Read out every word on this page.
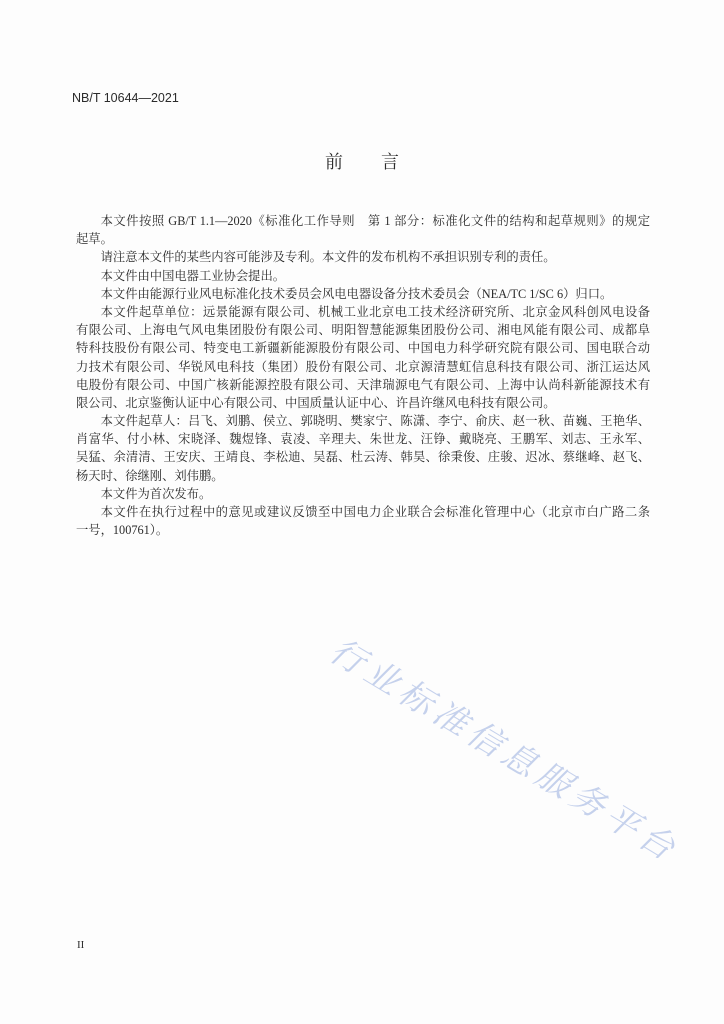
NB/T 10644—2021
前　言
本文件按照 GB/T 1.1—2020《标准化工作导则　第 1 部分：标准化文件的结构和起草规则》的规定
起草。
请注意本文件的某些内容可能涉及专利。本文件的发布机构不承担识别专利的责任。
本文件由中国电器工业协会提出。
本文件由能源行业风电标准化技术委员会风电电器设备分技术委员会（NEA/TC 1/SC 6）归口。
本文件起草单位：远景能源有限公司、机械工业北京电工技术经济研究所、北京金风科创风电设备
有限公司、上海电气风电集团股份有限公司、明阳智慧能源集团股份公司、湘电风能有限公司、成都阜
特科技股份有限公司、特变电工新疆新能源股份有限公司、中国电力科学研究院有限公司、国电联合动
力技术有限公司、华锐风电科技（集团）股份有限公司、北京源清慧虹信息科技有限公司、浙江运达风
电股份有限公司、中国广核新能源控股有限公司、天津瑞源电气有限公司、上海中认尚科新能源技术有
限公司、北京鉴衡认证中心有限公司、中国质量认证中心、许昌许继风电科技有限公司。
本文件起草人：吕飞、刘鹏、侯立、郭晓明、樊家宁、陈潇、李宁、俞庆、赵一秋、苗巍、王艳华、
肖富华、付小林、宋晓泽、魏煜锋、袁凌、辛理夫、朱世龙、汪铮、戴晓亮、王鹏军、刘志、王永军、
吴猛、余清清、王安庆、王靖良、李松迪、吴磊、杜云涛、韩昊、徐秉俊、庄骏、迟冰、蔡继峰、赵飞、
杨天时、徐继刚、刘伟鹏。
本文件为首次发布。
本文件在执行过程中的意见或建议反馈至中国电力企业联合会标准化管理中心（北京市白广路二条
一号，100761）。
行业标准信息服务平台
II
